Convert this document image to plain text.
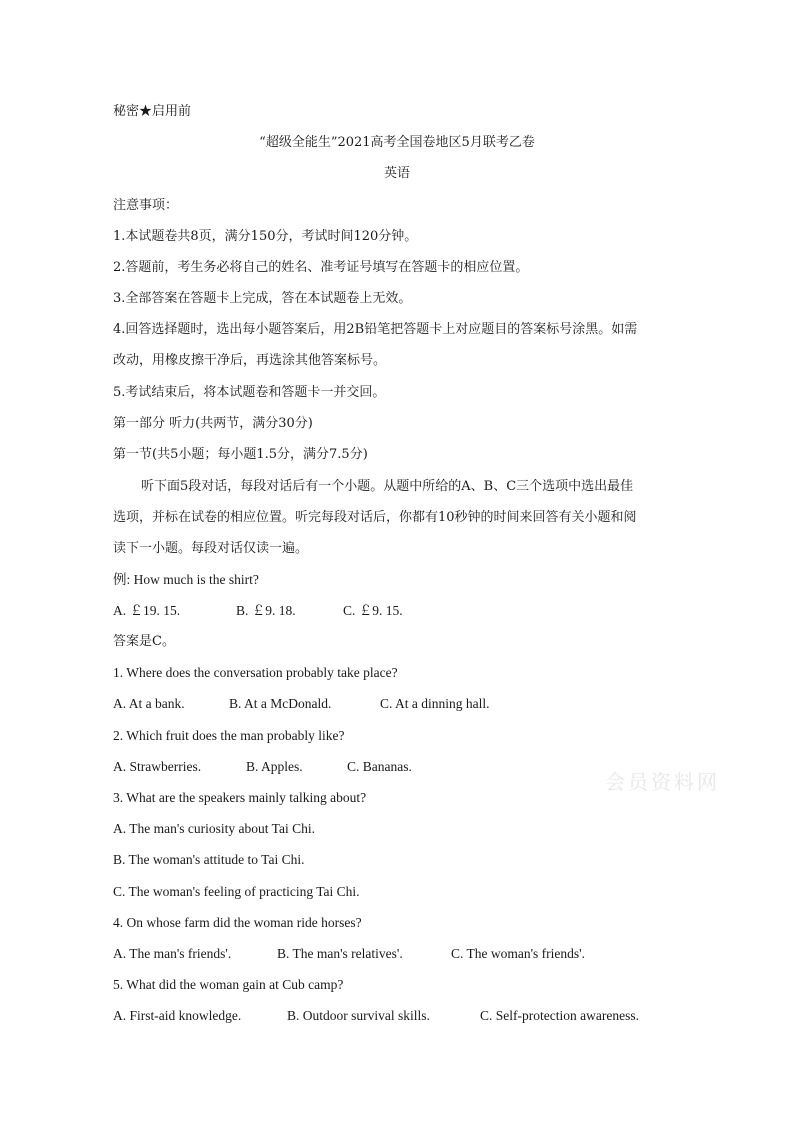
秘密★启用前
“超级全能生”2021高考全国卷地区5月联考乙卷
英语
注意事项：
1.本试题卷共8页，满分150分，考试时间120分钟。
2.答题前，考生务必将自己的姓名、准考证号填写在答题卡的相应位置。
3.全部答案在答题卡上完成，答在本试题卷上无效。
4.回答选择题时，选出每小题答案后，用2B铅笔把答题卡上对应题目的答案标号涂黑。如需
改动，用橡皮擦干净后，再选涂其他答案标号。
5.考试结束后，将本试题卷和答题卡一并交回。
第一部分 听力(共两节，满分30分)
第一节(共5小题；每小题1.5分，满分7.5分)
听下面5段对话，每段对话后有一个小题。从题中所给的A、B、C三个选项中选出最佳
选项，并标在试卷的相应位置。听完每段对话后，你都有10秒钟的时间来回答有关小题和阅
读下一小题。每段对话仅读一遍。
例: How much is the shirt?
A. ￡19. 15.	B. ￡9. 18.	C. ￡9. 15.
答案是C。
1. Where does the conversation probably take place?
A. At a bank.	B. At a McDonald.	C. At a dinning hall.
2. Which fruit does the man probably like?
A. Strawberries.	B. Apples.	C. Bananas.
3. What are the speakers mainly talking about?
A. The man's curiosity about Tai Chi.
B. The woman's attitude to Tai Chi.
C. The woman's feeling of practicing Tai Chi.
4. On whose farm did the woman ride horses?
A. The man's friends'.	B. The man's relatives'.	C. The woman's friends'.
5. What did the woman gain at Cub camp?
A. First-aid knowledge.	B. Outdoor survival skills.	C. Self-protection awareness.
会员资料网
